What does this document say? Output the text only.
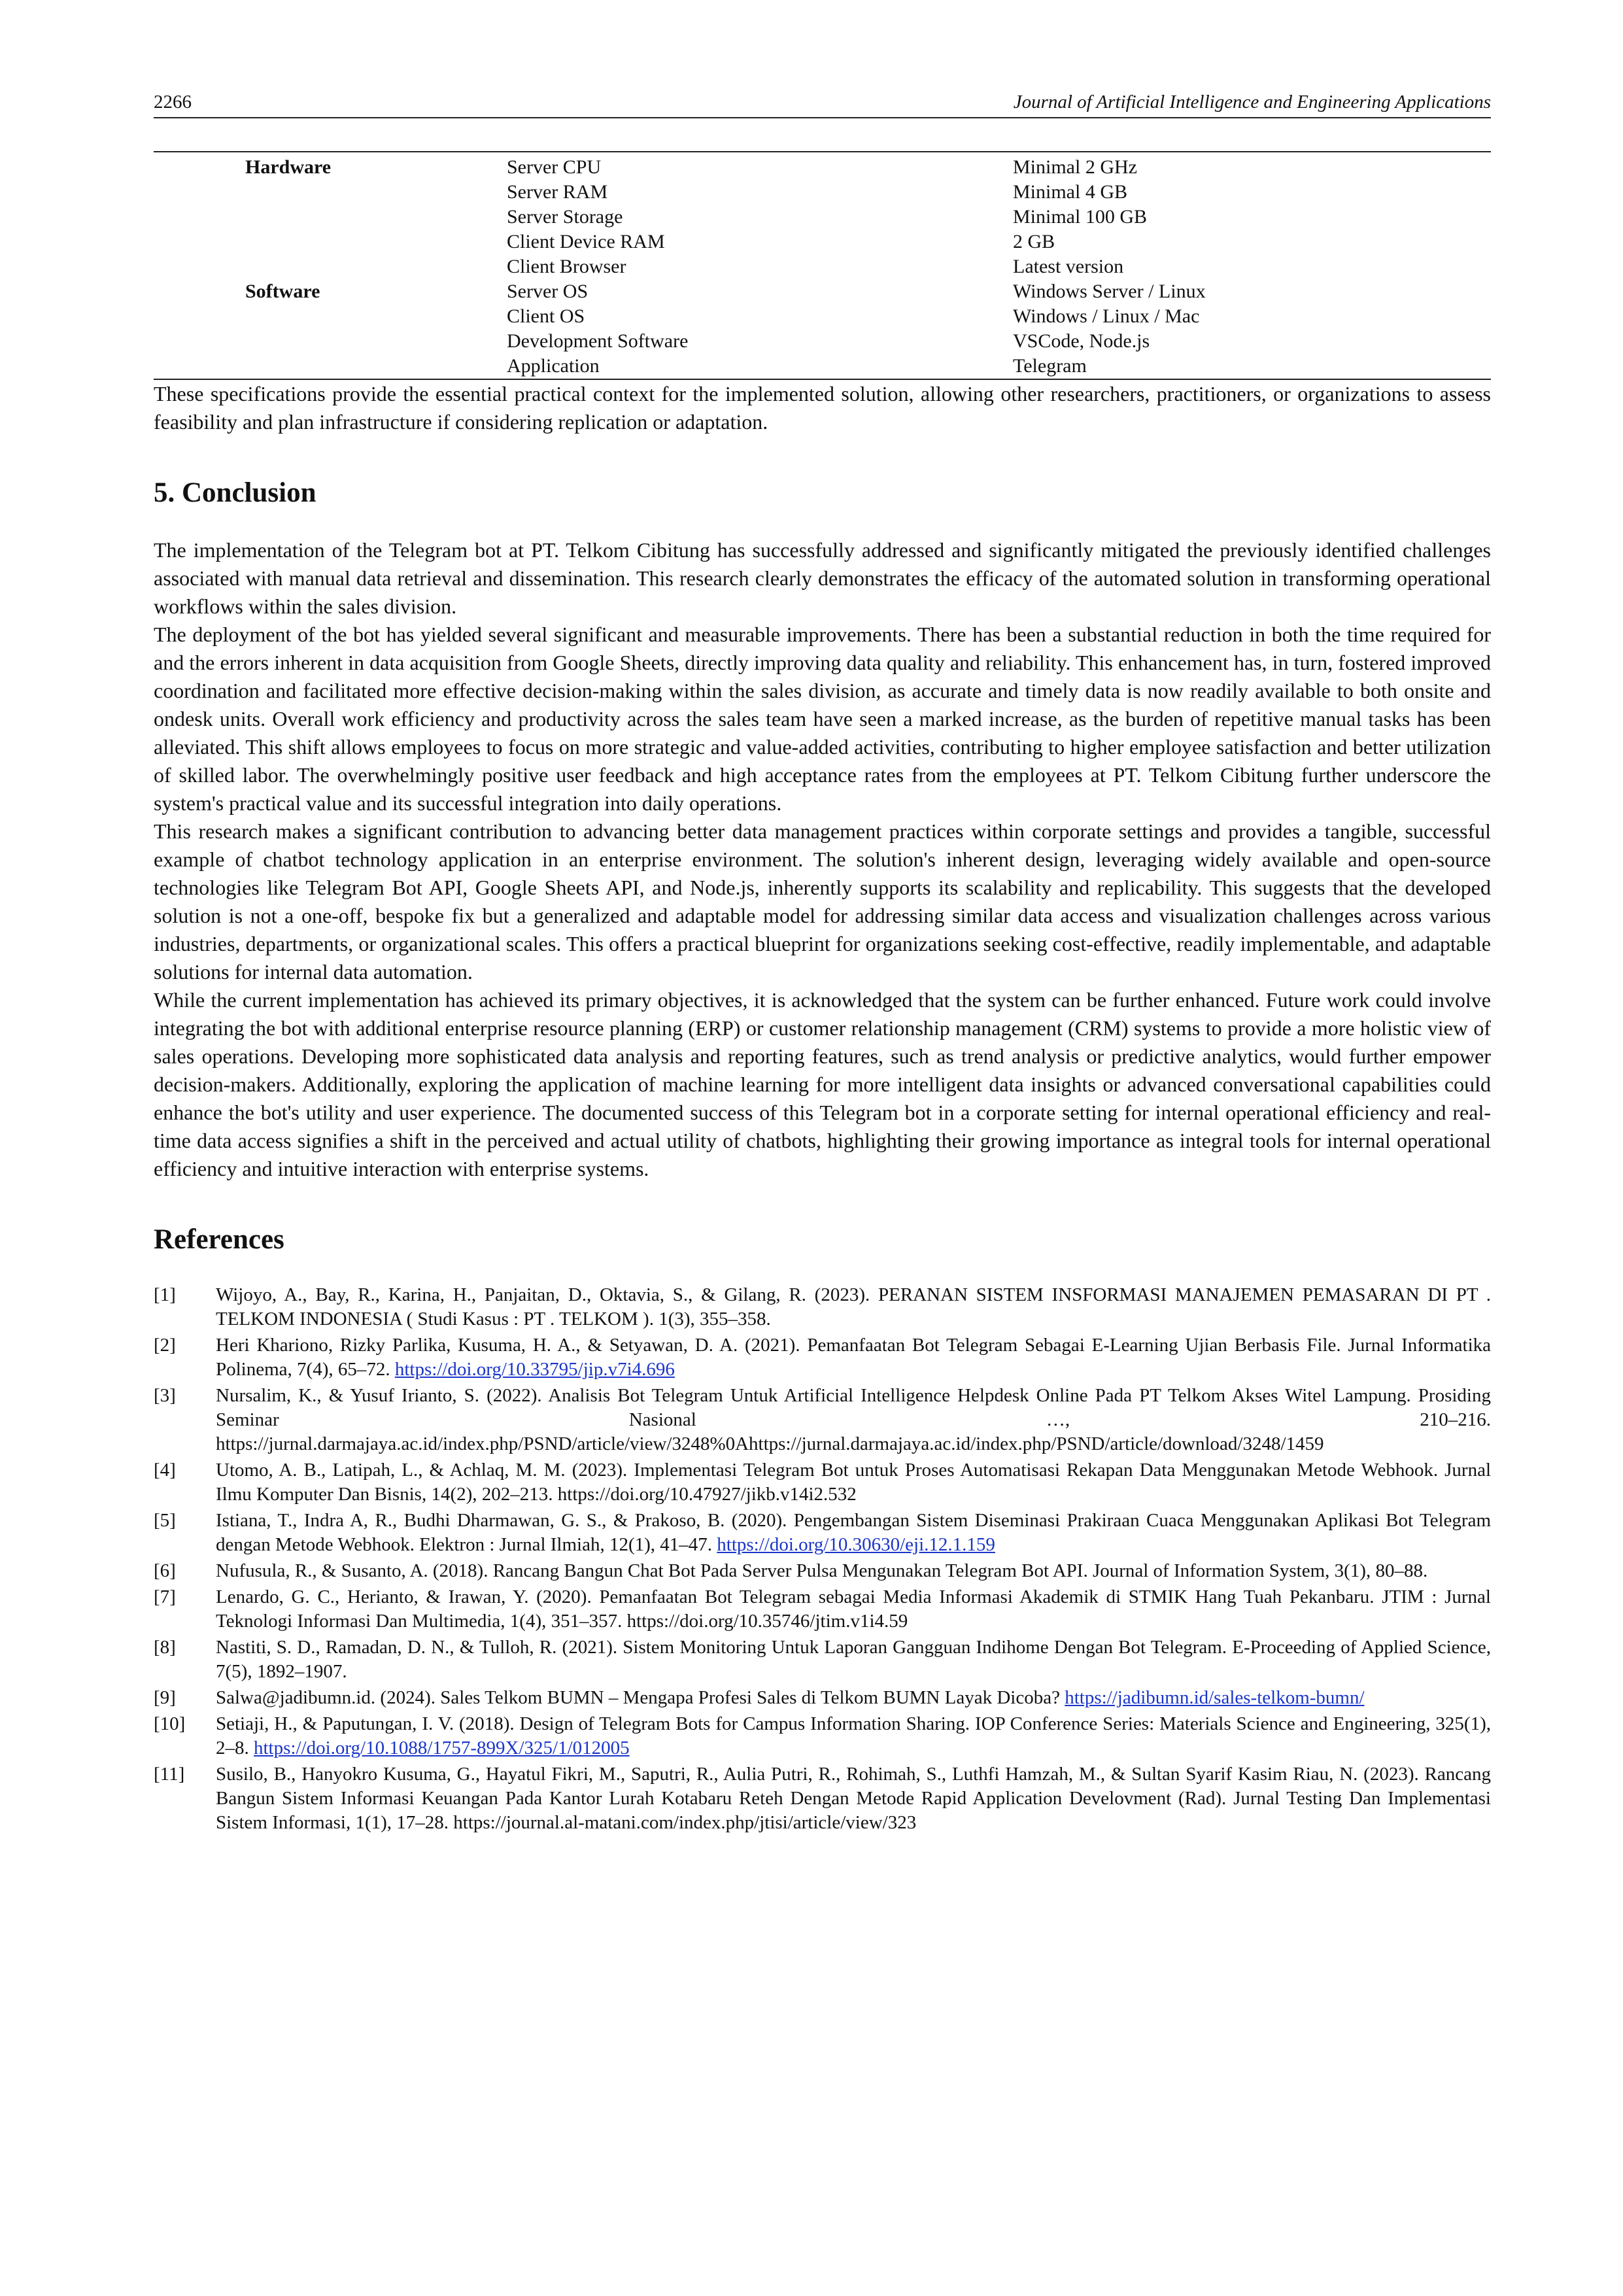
2266	Journal of Artificial Intelligence and Engineering Applications
Hardware	Server CPU	Minimal 2 GHz
	Server RAM	Minimal 4 GB
	Server Storage	Minimal 100 GB
	Client Device RAM	2 GB
	Client Browser	Latest version
Software	Server OS	Windows Server / Linux
	Client OS	Windows / Linux / Mac
	Development Software	VSCode, Node.js
	Application	Telegram

These specifications provide the essential practical context for the implemented solution, allowing other researchers, practitioners, or organizations to assess feasibility and plan infrastructure if considering replication or adaptation.

5. Conclusion

The implementation of the Telegram bot at PT. Telkom Cibitung has successfully addressed and significantly mitigated the previously identified challenges associated with manual data retrieval and dissemination. This research clearly demonstrates the efficacy of the automated solution in transforming operational workflows within the sales division.

The deployment of the bot has yielded several significant and measurable improvements. There has been a substantial reduction in both the time required for and the errors inherent in data acquisition from Google Sheets, directly improving data quality and reliability. This enhancement has, in turn, fostered improved coordination and facilitated more effective decision-making within the sales division, as accurate and timely data is now readily available to both onsite and ondesk units. Overall work efficiency and productivity across the sales team have seen a marked increase, as the burden of repetitive manual tasks has been alleviated. This shift allows employees to focus on more strategic and value-added activities, contributing to higher employee satisfaction and better utilization of skilled labor. The overwhelmingly positive user feedback and high acceptance rates from the employees at PT. Telkom Cibitung further underscore the system's practical value and its successful integration into daily operations.

This research makes a significant contribution to advancing better data management practices within corporate settings and provides a tangible, successful example of chatbot technology application in an enterprise environment. The solution's inherent design, leveraging widely available and open-source technologies like Telegram Bot API, Google Sheets API, and Node.js, inherently supports its scalability and replicability. This suggests that the developed solution is not a one-off, bespoke fix but a generalized and adaptable model for addressing similar data access and visualization challenges across various industries, departments, or organizational scales. This offers a practical blueprint for organizations seeking cost-effective, readily implementable, and adaptable solutions for internal data automation.

While the current implementation has achieved its primary objectives, it is acknowledged that the system can be further enhanced. Future work could involve integrating the bot with additional enterprise resource planning (ERP) or customer relationship management (CRM) systems to provide a more holistic view of sales operations. Developing more sophisticated data analysis and reporting features, such as trend analysis or predictive analytics, would further empower decision-makers. Additionally, exploring the application of machine learning for more intelligent data insights or advanced conversational capabilities could enhance the bot's utility and user experience. The documented success of this Telegram bot in a corporate setting for internal operational efficiency and real-time data access signifies a shift in the perceived and actual utility of chatbots, highlighting their growing importance as integral tools for internal operational efficiency and intuitive interaction with enterprise systems.

References
[1]	Wijoyo, A., Bay, R., Karina, H., Panjaitan, D., Oktavia, S., & Gilang, R. (2023). PERANAN SISTEM INSFORMASI MANAJEMEN PEMASARAN DI PT . TELKOM INDONESIA ( Studi Kasus : PT . TELKOM ). 1(3), 355–358.
[2]	Heri Khariono, Rizky Parlika, Kusuma, H. A., & Setyawan, D. A. (2021). Pemanfaatan Bot Telegram Sebagai E-Learning Ujian Berbasis File. Jurnal Informatika Polinema, 7(4), 65–72. https://doi.org/10.33795/jip.v7i4.696
[3]	Nursalim, K., & Yusuf Irianto, S. (2022). Analisis Bot Telegram Untuk Artificial Intelligence Helpdesk Online Pada PT Telkom Akses Witel Lampung. Prosiding Seminar Nasional …, 210–216. https://jurnal.darmajaya.ac.id/index.php/PSND/article/view/3248%0Ahttps://jurnal.darmajaya.ac.id/index.php/PSND/article/download/3248/1459
[4]	Utomo, A. B., Latipah, L., & Achlaq, M. M. (2023). Implementasi Telegram Bot untuk Proses Automatisasi Rekapan Data Menggunakan Metode Webhook. Jurnal Ilmu Komputer Dan Bisnis, 14(2), 202–213. https://doi.org/10.47927/jikb.v14i2.532
[5]	Istiana, T., Indra A, R., Budhi Dharmawan, G. S., & Prakoso, B. (2020). Pengembangan Sistem Diseminasi Prakiraan Cuaca Menggunakan Aplikasi Bot Telegram dengan Metode Webhook. Elektron : Jurnal Ilmiah, 12(1), 41–47. https://doi.org/10.30630/eji.12.1.159
[6]	Nufusula, R., & Susanto, A. (2018). Rancang Bangun Chat Bot Pada Server Pulsa Mengunakan Telegram Bot API. Journal of Information System, 3(1), 80–88.
[7]	Lenardo, G. C., Herianto, & Irawan, Y. (2020). Pemanfaatan Bot Telegram sebagai Media Informasi Akademik di STMIK Hang Tuah Pekanbaru. JTIM : Jurnal Teknologi Informasi Dan Multimedia, 1(4), 351–357. https://doi.org/10.35746/jtim.v1i4.59
[8]	Nastiti, S. D., Ramadan, D. N., & Tulloh, R. (2021). Sistem Monitoring Untuk Laporan Gangguan Indihome Dengan Bot Telegram. E-Proceeding of Applied Science, 7(5), 1892–1907.
[9]	Salwa@jadibumn.id. (2024). Sales Telkom BUMN – Mengapa Profesi Sales di Telkom BUMN Layak Dicoba? https://jadibumn.id/sales-telkom-bumn/
[10]	Setiaji, H., & Paputungan, I. V. (2018). Design of Telegram Bots for Campus Information Sharing. IOP Conference Series: Materials Science and Engineering, 325(1), 2–8. https://doi.org/10.1088/1757-899X/325/1/012005
[11]	Susilo, B., Hanyokro Kusuma, G., Hayatul Fikri, M., Saputri, R., Aulia Putri, R., Rohimah, S., Luthfi Hamzah, M., & Sultan Syarif Kasim Riau, N. (2023). Rancang Bangun Sistem Informasi Keuangan Pada Kantor Lurah Kotabaru Reteh Dengan Metode Rapid Application Develovment (Rad). Jurnal Testing Dan Implementasi Sistem Informasi, 1(1), 17–28. https://journal.al-matani.com/index.php/jtisi/article/view/323
